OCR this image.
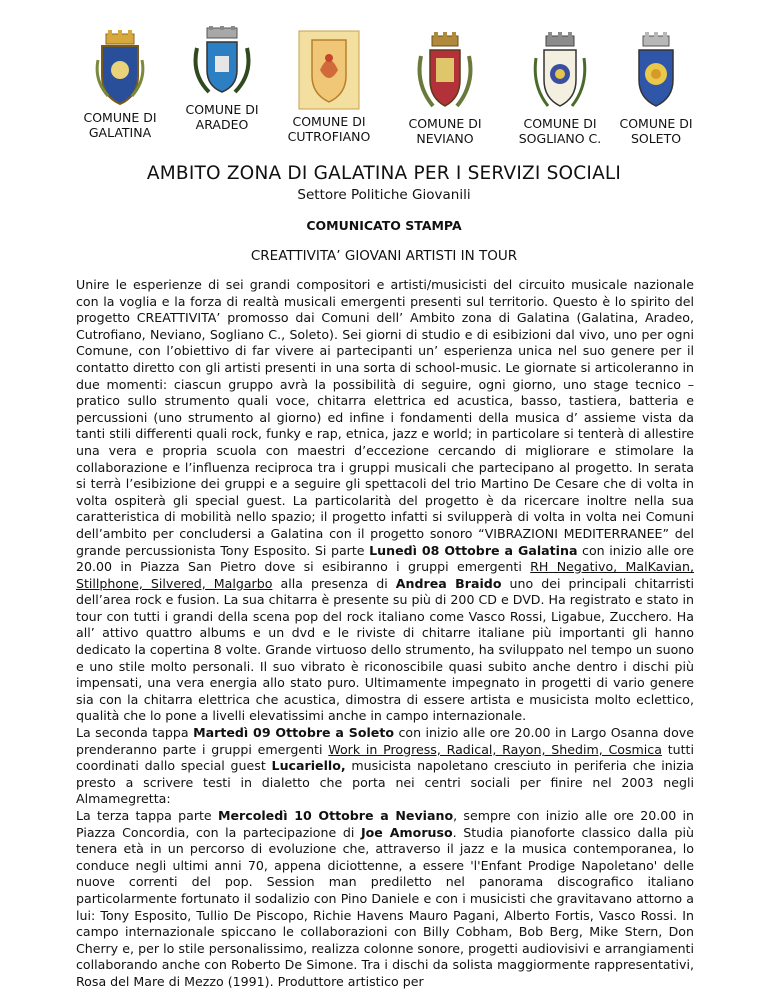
COMUNE DI
GALATINA
COMUNE DI
ARADEO	COMUNE DI
CUTROFIANO
COMUNE DI
NEVIANO
COMUNE DI
SOGLIANO C.
COMUNE DI
SOLETO
AMBITO ZONA DI GALATINA PER I SERVIZI SOCIALI
Settore Politiche Giovanili
COMUNICATO STAMPA
CREATTIVITA’ GIOVANI ARTISTI IN TOUR

Unire le esperienze di sei grandi compositori e artisti/musicisti del circuito musicale nazionale con la voglia e la forza di realtà musicali emergenti presenti sul territorio. Questo è lo spirito del progetto CREATTIVITA’ promosso dai Comuni dell’ Ambito zona di Galatina (Galatina, Aradeo, Cutrofiano, Neviano, Sogliano C., Soleto). Sei giorni di studio e di esibizioni dal vivo, uno per ogni Comune, con l’obiettivo di far vivere ai partecipanti un’ esperienza unica nel suo genere per il contatto diretto con gli artisti presenti in una sorta di school-music. Le giornate si articoleranno in due momenti: ciascun gruppo avrà la possibilità di seguire, ogni giorno, uno stage tecnico – pratico sullo strumento quali voce, chitarra elettrica ed acustica, basso, tastiera, batteria e percussioni (uno strumento al giorno) ed infine i fondamenti della musica d’ assieme vista da tanti stili differenti quali rock, funky e rap, etnica, jazz e world; in particolare si tenterà di allestire una vera e propria scuola con maestri d’eccezione cercando di migliorare e stimolare la collaborazione e l’influenza reciproca tra i gruppi musicali che partecipano al progetto. In serata si terrà l’esibizione dei gruppi e a seguire gli spettacoli del trio Martino De Cesare che di volta in volta ospiterà gli special guest. La particolarità del progetto è da ricercare inoltre nella sua caratteristica di mobilità nello spazio; il progetto infatti si svilupperà di volta in volta nei Comuni dell’ambito per concludersi a Galatina con il progetto sonoro “VIBRAZIONI MEDITERRANEE” del grande percussionista Tony Esposito. Si parte Lunedì 08 Ottobre a Galatina con inizio alle ore 20.00 in Piazza San Pietro dove si esibiranno i gruppi emergenti RH Negativo, MalKavian, Stillphone, Silvered, Malgarbo alla presenza di Andrea Braido uno dei principali chitarristi dell’area rock e fusion. La sua chitarra è presente su più di 200 CD e DVD. Ha registrato e stato in tour con tutti i grandi della scena pop del rock italiano come Vasco Rossi, Ligabue, Zucchero. Ha all’ attivo quattro albums e un dvd e le riviste di chitarre italiane più importanti gli hanno dedicato la copertina 8 volte. Grande virtuoso dello strumento, ha sviluppato nel tempo un suono e uno stile molto personali. Il suo vibrato è riconoscibile quasi subito anche dentro i dischi più impensati, una vera energia allo stato puro. Ultimamente impegnato in progetti di vario genere sia con la chitarra elettrica che acustica, dimostra di essere artista e musicista molto eclettico, qualità che lo pone a livelli elevatissimi anche in campo internazionale.

La seconda tappa Martedì 09 Ottobre a Soleto con inizio alle ore 20.00 in Largo Osanna dove prenderanno parte i gruppi emergenti Work in Progress, Radical, Rayon, Shedim, Cosmica tutti coordinati dallo special guest Lucariello, musicista napoletano cresciuto in periferia che inizia presto a scrivere testi in dialetto che porta nei centri sociali per finire nel 2003 negli Almamegretta:

La terza tappa parte Mercoledì 10 Ottobre a Neviano, sempre con inizio alle ore 20.00 in Piazza Concordia, con la partecipazione di Joe Amoruso. Studia pianoforte classico dalla più tenera età in un percorso di evoluzione che, attraverso il jazz e la musica contemporanea, lo conduce negli ultimi anni 70, appena diciottenne, a essere 'l'Enfant Prodige Napoletano' delle nuove correnti del pop. Session man prediletto nel panorama discografico italiano particolarmente fortunato il sodalizio con Pino Daniele e con i musicisti che gravitavano attorno a lui: Tony Esposito, Tullio De Piscopo, Richie Havens Mauro Pagani, Alberto Fortis, Vasco Rossi. In campo internazionale spiccano le collaborazioni con Billy Cobham, Bob Berg, Mike Stern, Don Cherry e, per lo stile personalissimo, realizza colonne sonore, progetti audiovisivi e arrangiamenti collaborando anche con Roberto De Simone. Tra i dischi da solista maggiormente rappresentativi, Rosa del Mare di Mezzo (1991). Produttore artistico per
